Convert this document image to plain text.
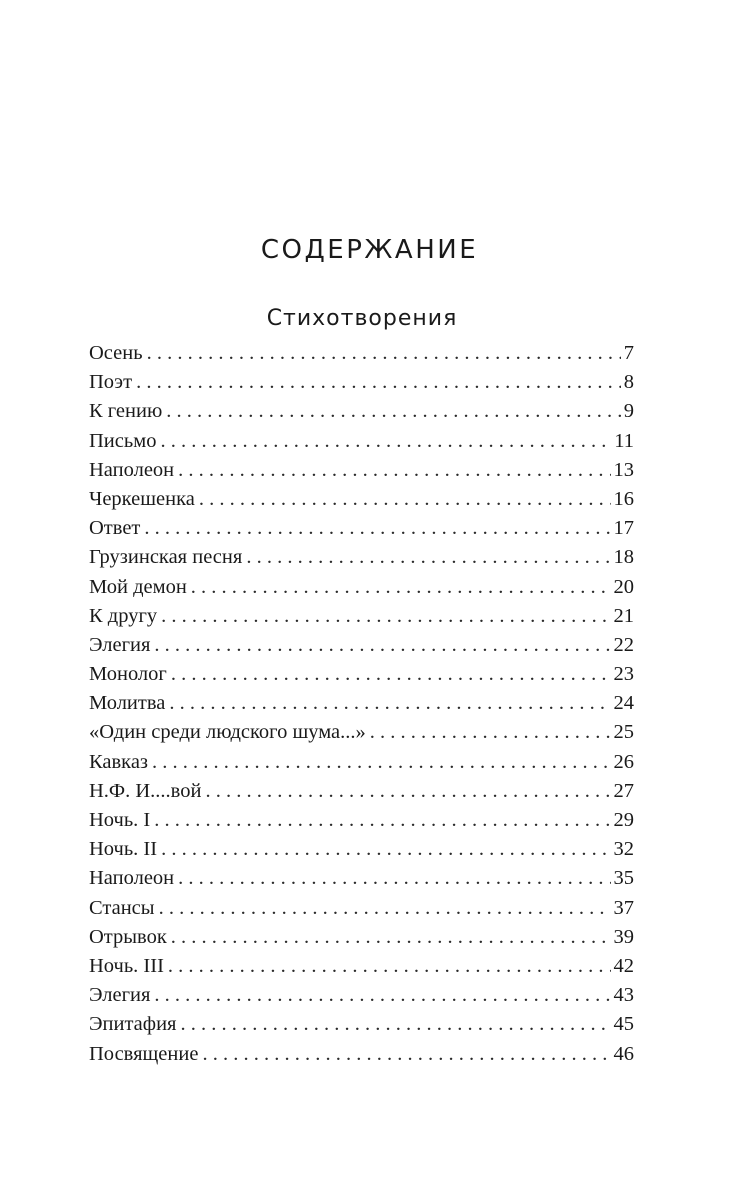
СОДЕРЖАНИЕ
Стихотворения
Осень . . .	7
Поэт . . .	8
К гению . . .	9
Письмо . . .	11
Наполеон . . .	13
Черкешенка . . .	16
Ответ . . .	17
Грузинская песня . . .	18
Мой демон . . .	20
К другу . . .	21
Элегия . . .	22
Монолог . . .	23
Молитва . . .	24
«Один среди людского шума...» . . .	25
Кавказ . . .	26
Н.Ф. И....вой . . .	27
Ночь. I . . .	29
Ночь. II . . .	32
Наполеон . . .	35
Стансы . . .	37
Отрывок . . .	39
Ночь. III . . .	42
Элегия . . .	43
Эпитафия . . .	45
Посвящение . . .	46
